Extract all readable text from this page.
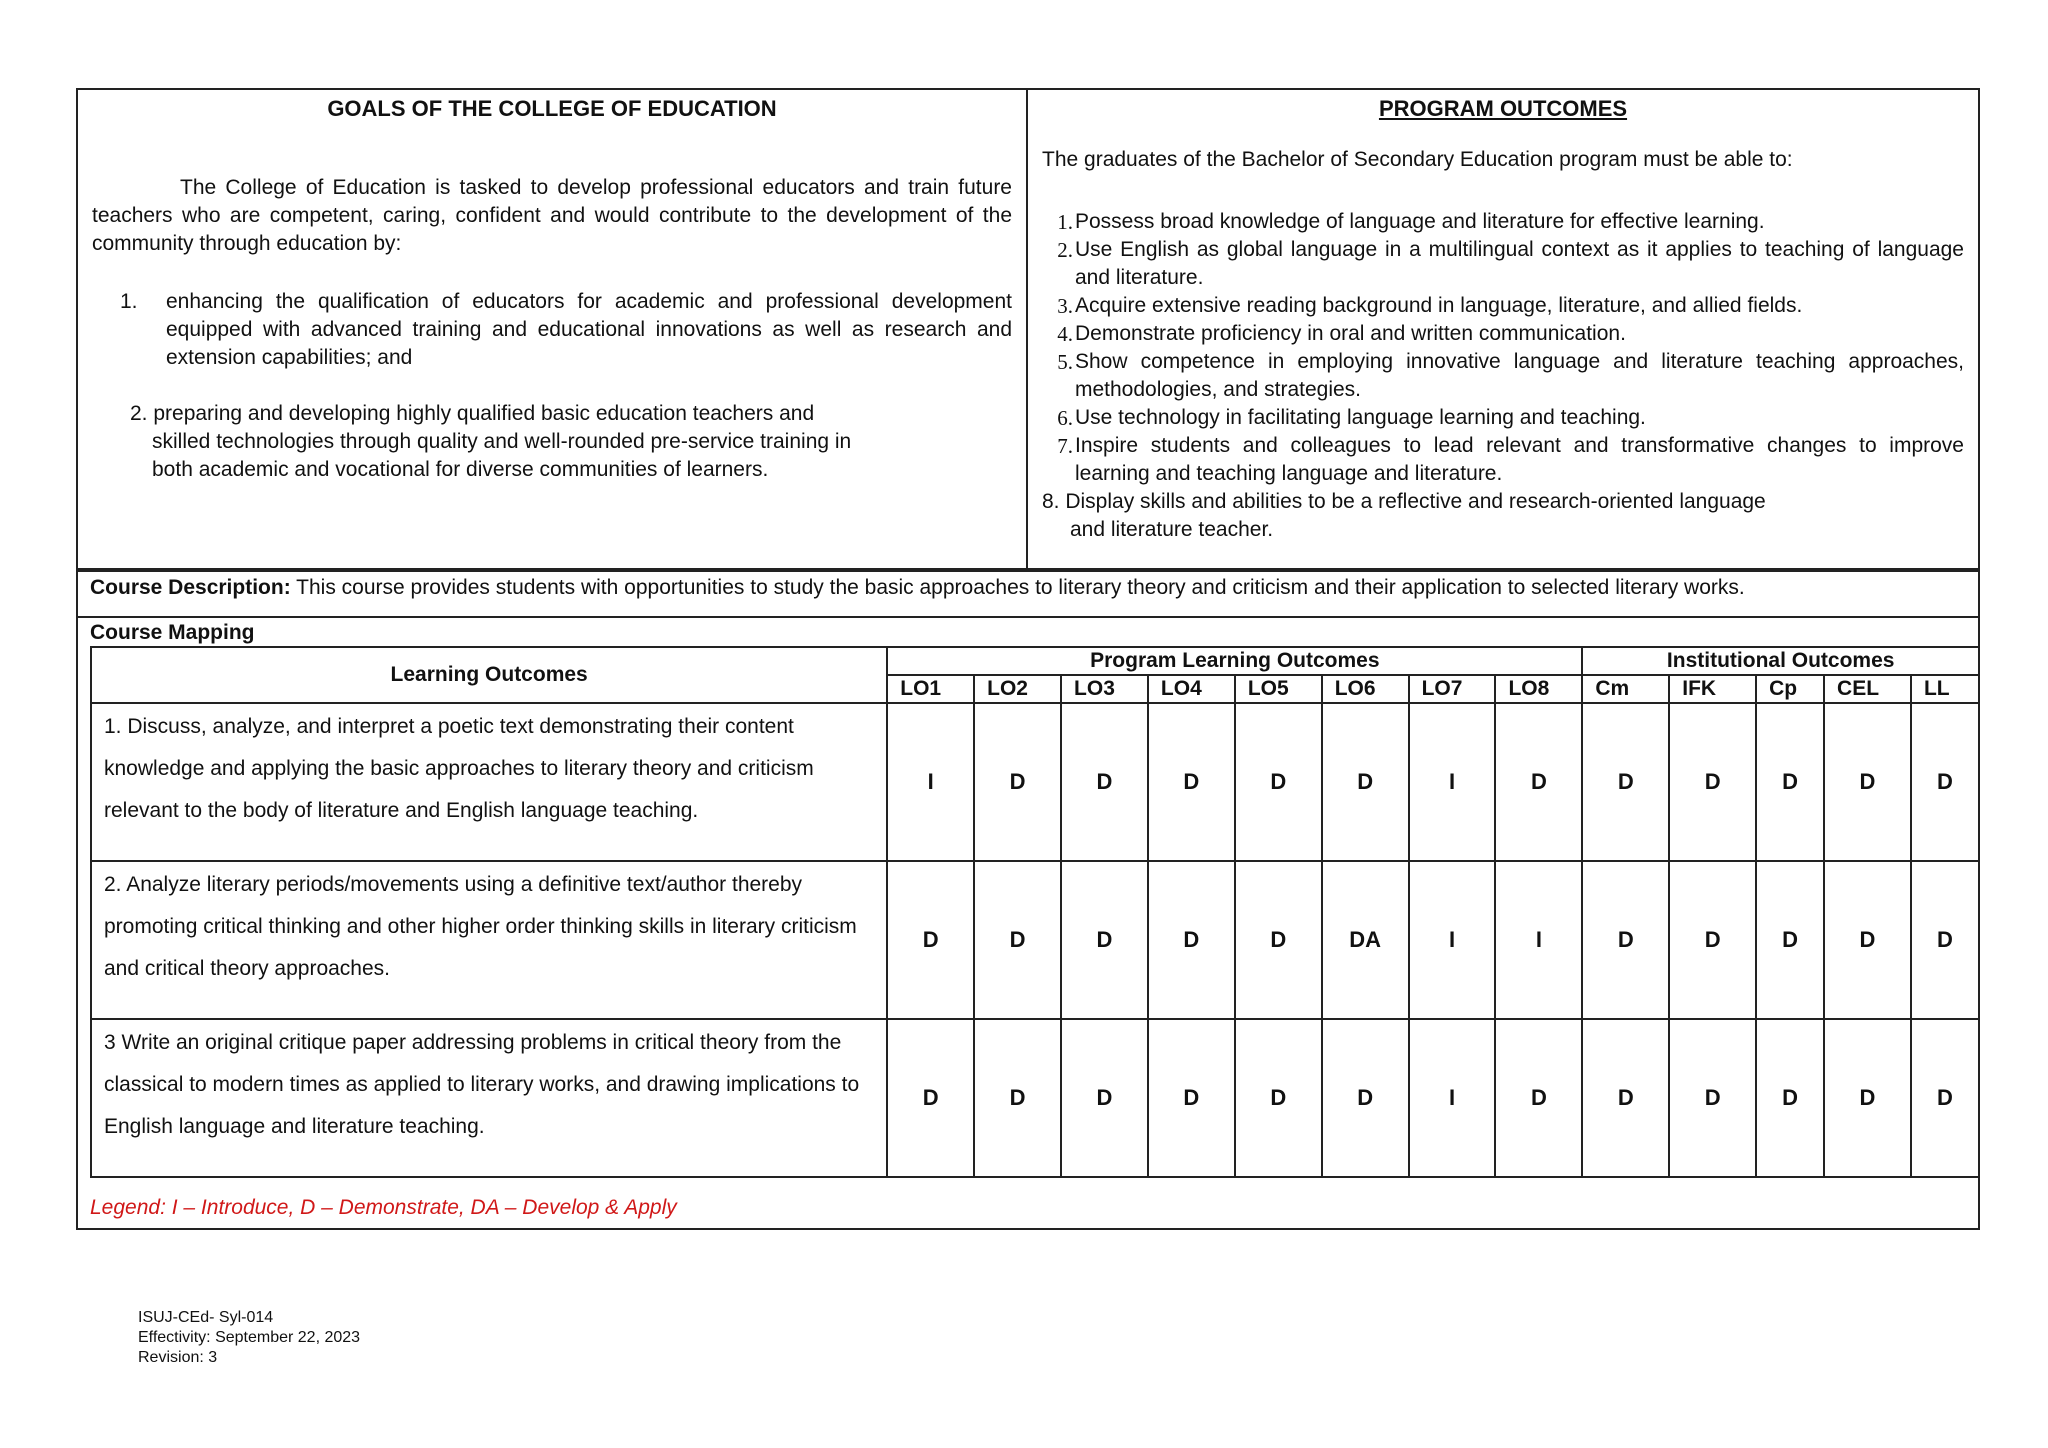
GOALS OF THE COLLEGE OF EDUCATION
The College of Education is tasked to develop professional educators and train future teachers who are competent, caring, confident and would contribute to the development of the community through education by:
1.	enhancing the qualification of educators for academic and professional development equipped with advanced training and educational innovations as well as research and extension capabilities; and
2. preparing and developing highly qualified basic education teachers and
skilled technologies through quality and well-rounded pre-service training in
both academic and vocational for diverse communities of learners.
PROGRAM OUTCOMES
The graduates of the Bachelor of Secondary Education program must be able to:
1. Possess broad knowledge of language and literature for effective learning.
2. Use English as global language in a multilingual context as it applies to teaching of language and literature.
3. Acquire extensive reading background in language, literature, and allied fields.
4. Demonstrate proficiency in oral and written communication.
5. Show competence in employing innovative language and literature teaching approaches, methodologies, and strategies.
6. Use technology in facilitating language learning and teaching.
7. Inspire students and colleagues to lead relevant and transformative changes to improve learning and teaching language and literature.
8. Display skills and abilities to be a reflective and research-oriented language
and literature teacher.
Course Description: This course provides students with opportunities to study the basic approaches to literary theory and criticism and their application to selected literary works.
Course Mapping
Learning Outcomes	Program Learning Outcomes								Institutional Outcomes				
	LO1	LO2	LO3	LO4	LO5	LO6	LO7	LO8	Cm	IFK	Cp	CEL	LL
1. Discuss, analyze, and interpret a poetic text demonstrating their content knowledge and applying the basic approaches to literary theory and criticism relevant to the body of literature and English language teaching.	I	D	D	D	D	D	I	D	D	D	D	D	D
2. Analyze literary periods/movements using a definitive text/author thereby promoting critical thinking and other higher order thinking skills in literary criticism and critical theory approaches.	D	D	D	D	D	DA	I	I	D	D	D	D	D
3 Write an original critique paper addressing problems in critical theory from the classical to modern times as applied to literary works, and drawing implications to English language and literature teaching.	D	D	D	D	D	D	I	D	D	D	D	D	D
Legend: I – Introduce, D – Demonstrate, DA – Develop & Apply
ISUJ-CEd- Syl-014
Effectivity: September 22, 2023
Revision: 3
